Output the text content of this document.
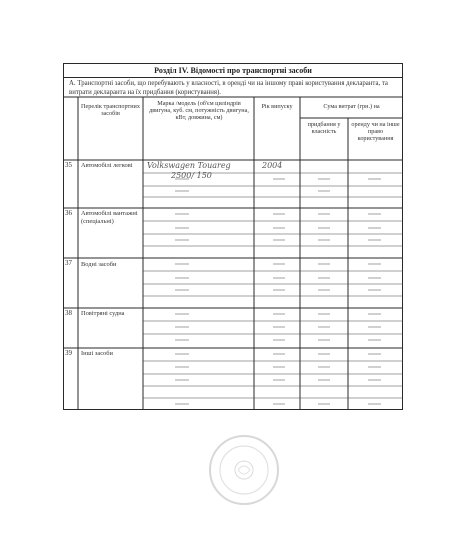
Розділ IV. Відомості про транспортні засоби
А. Транспортні засоби, що перебувають у власності, в оренді чи на іншому праві користування декларанта, та витрати декларанта на їх придбання (користування).
Перелік транспортних засобів
Марка /модель (об'єм циліндрів двигуна, куб. см, потужність двигуна, кВт, довжина, см)
Рік випуску	Сума витрат (грн.) на
придбання у власність
оренду чи на інше право користування
35 Автомобілі легкові	Volkswagen Touareg
2500/ 150
2004
36 Автомобілі вантажні (спеціальні)
37 Водні засоби
38 Повітряні судна
39 Інші засоби
